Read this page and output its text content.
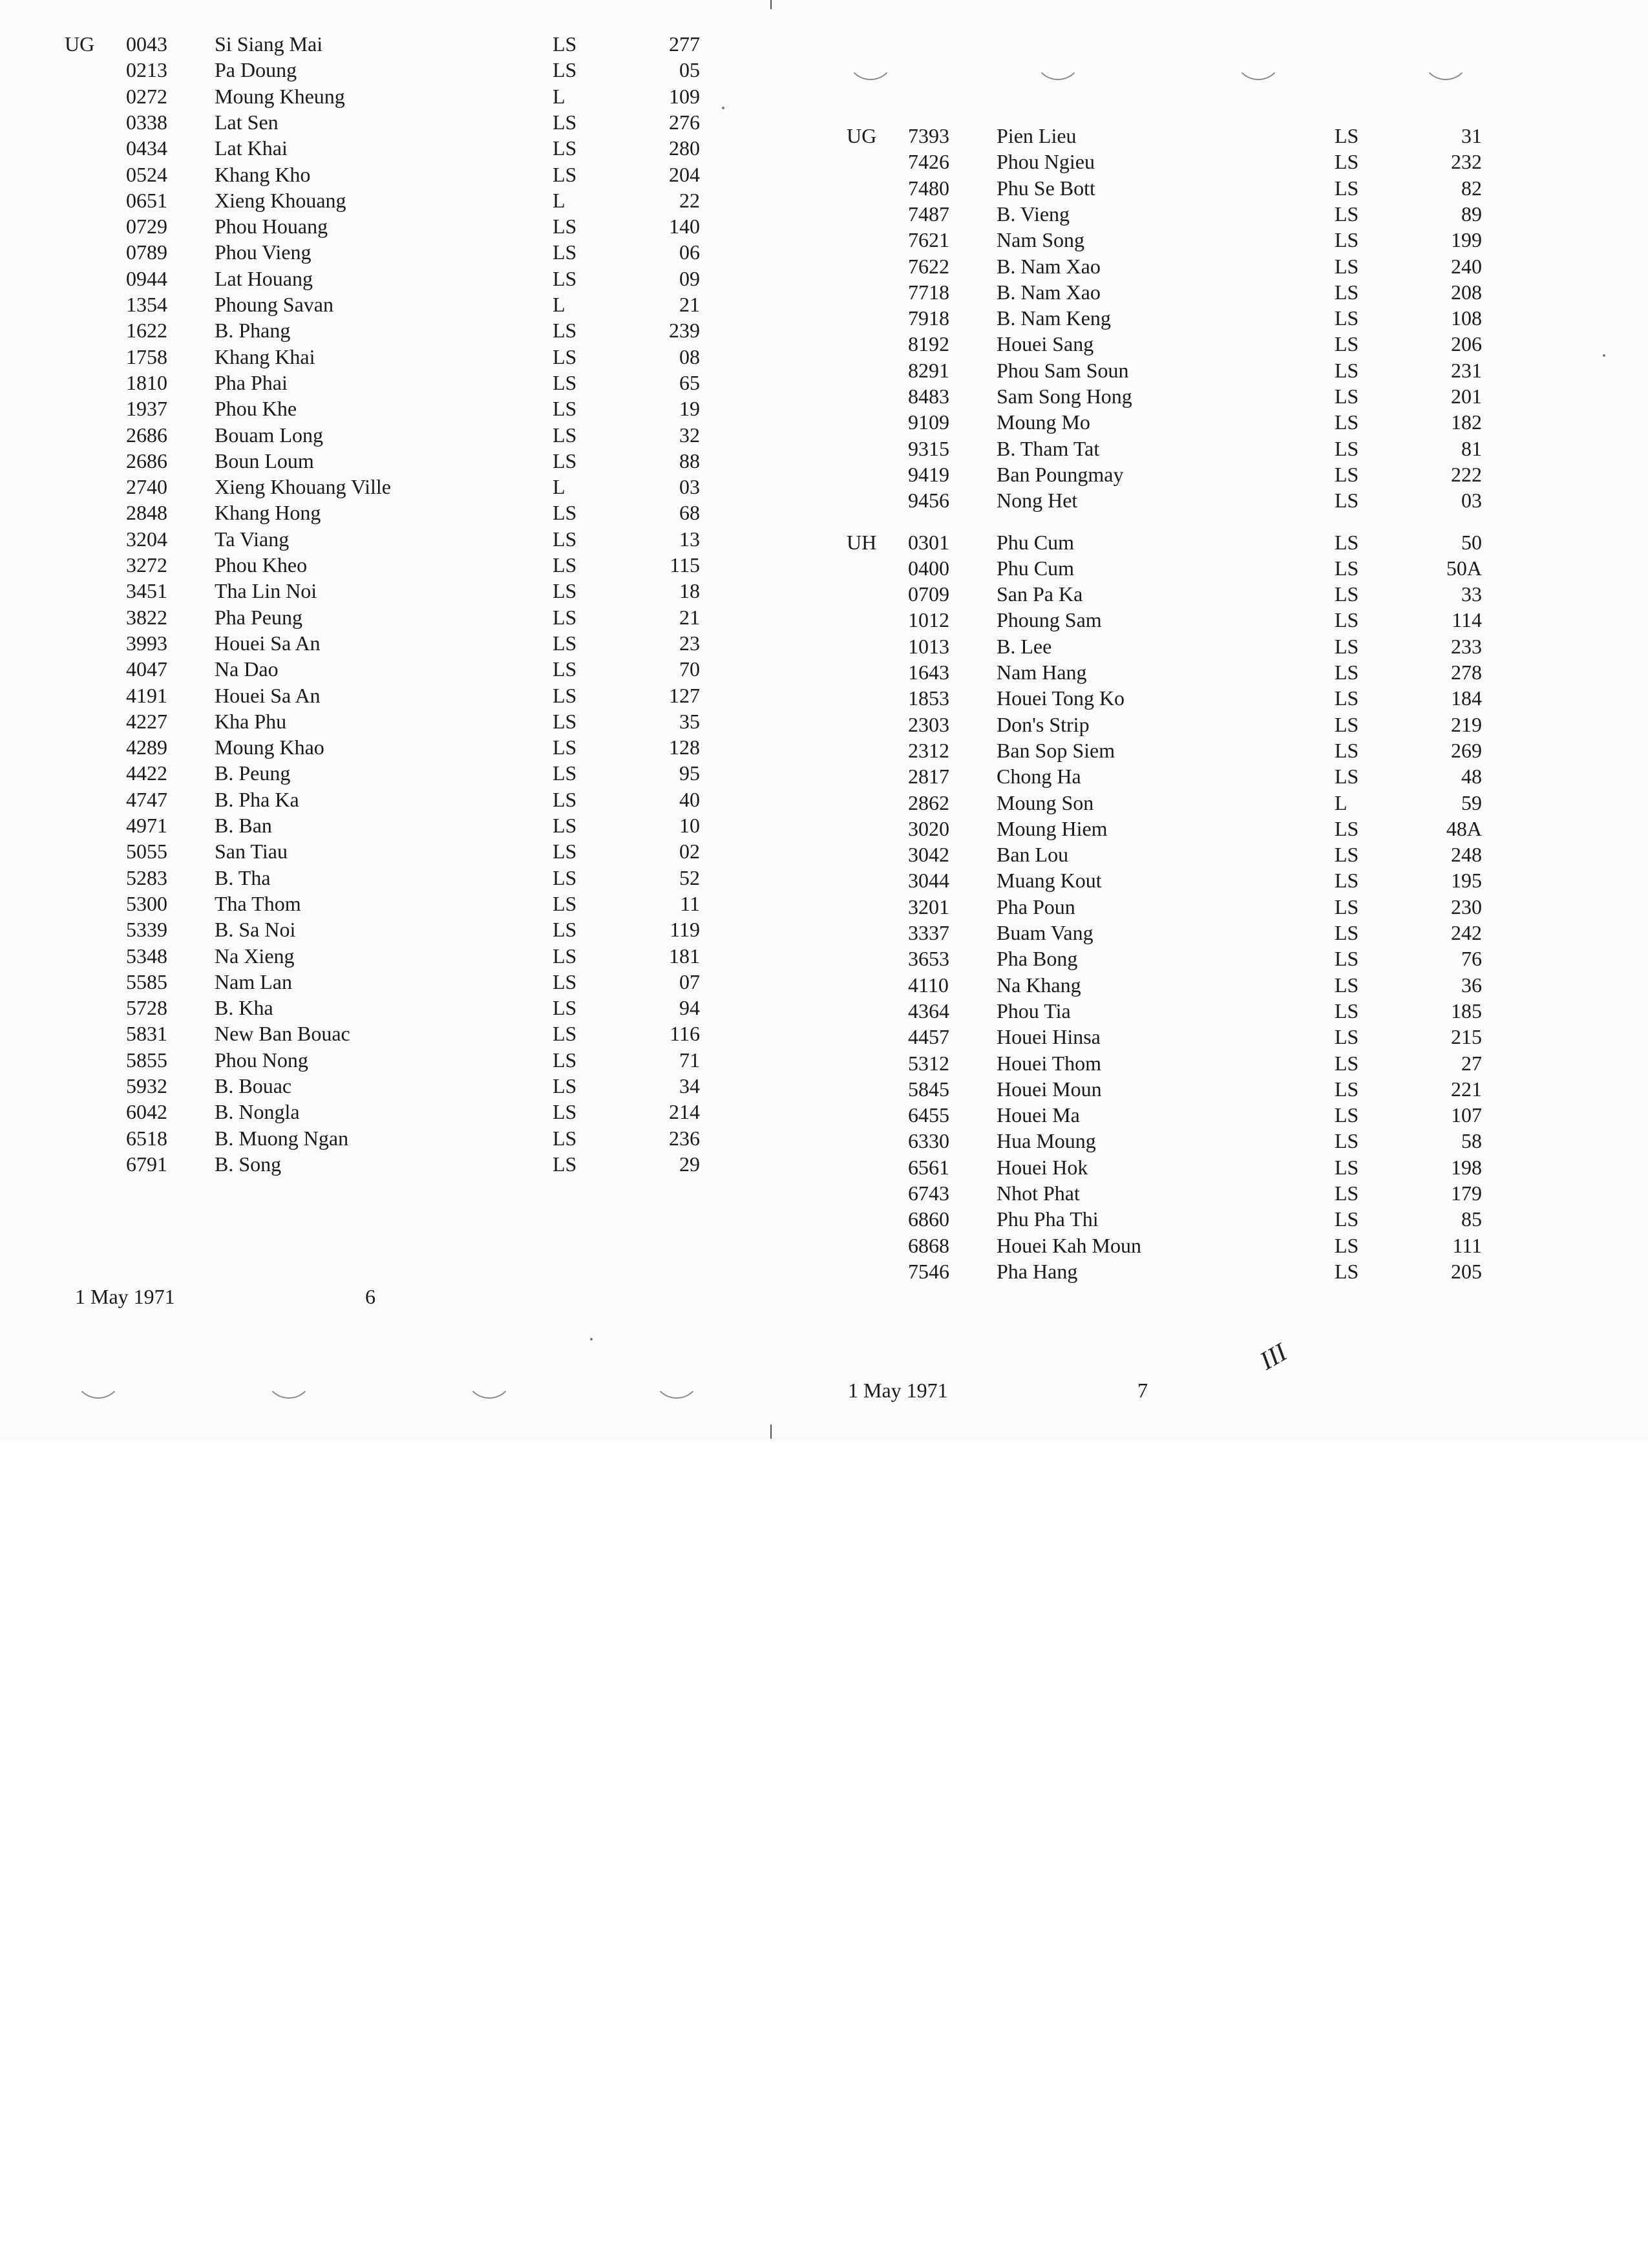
UG 0043 Si Siang Mai	LS	277
0213 Pa Doung	LS	05
0272 Moung Kheung	L	109
0338 Lat Sen	LS	276
0434 Lat Khai	LS	280
0524 Khang Kho	LS	204
0651 Xieng Khouang	L	22
0729 Phou Houang	LS	140
0789 Phou Vieng	LS	06
0944 Lat Houang	LS	09
1354 Phoung Savan	L	21
1622 B. Phang	LS	239
1758 Khang Khai	LS	08
1810 Pha Phai	LS	65
1937 Phou Khe	LS	19
2686 Bouam Long	LS	32
2686 Boun Loum	LS	88
2740 Xieng Khouang Ville	L	03
2848 Khang Hong	LS	68
3204 Ta Viang	LS	13
3272 Phou Kheo	LS	115
3451 Tha Lin Noi	LS	18
3822 Pha Peung	LS	21
3993 Houei Sa An	LS	23
4047 Na Dao	LS	70
4191 Houei Sa An	LS	127
4227 Kha Phu	LS	35
4289 Moung Khao	LS	128
4422 B. Peung	LS	95
4747 B. Pha Ka	LS	40
4971 B. Ban	LS	10
5055 San Tiau	LS	02
5283 B. Tha	LS	52
5300 Tha Thom	LS	11
5339 B. Sa Noi	LS	119
5348 Na Xieng	LS	181
5585 Nam Lan	LS	07
5728 B. Kha	LS	94
5831 New Ban Bouac	LS	116
5855 Phou Nong	LS	71
5932 B. Bouac	LS	34
6042 B. Nongla	LS	214
6518 B. Muong Ngan	LS	236
6791 B. Song	LS	29
1 May 1971	6
UG 7393 Pien Lieu	LS	31
7426 Phou Ngieu	LS	232
7480 Phu Se Bott	LS	82
7487 B. Vieng	LS	89
7621 Nam Song	LS	199
7622 B. Nam Xao	LS	240
7718 B. Nam Xao	LS	208
7918 B. Nam Keng	LS	108
8192 Houei Sang	LS	206
8291 Phou Sam Soun	LS	231
8483 Sam Song Hong	LS	201
9109 Moung Mo	LS	182
9315 B. Tham Tat	LS	81
9419 Ban Poungmay	LS	222
9456 Nong Het	LS	03
UH 0301 Phu Cum	LS	50
0400 Phu Cum	LS	50A
0709 San Pa Ka	LS	33
1012 Phoung Sam	LS	114
1013 B. Lee	LS	233
1643 Nam Hang	LS	278
1853 Houei Tong Ko	LS	184
2303 Don's Strip	LS	219
2312 Ban Sop Siem	LS	269
2817 Chong Ha	LS	48
2862 Moung Son	L	59
3020 Moung Hiem	LS	48A
3042 Ban Lou	LS	248
3044 Muang Kout	LS	195
3201 Pha Poun	LS	230
3337 Buam Vang	LS	242
3653 Pha Bong	LS	76
4110 Na Khang	LS	36
4364 Phou Tia	LS	185
4457 Houei Hinsa	LS	215
5312 Houei Thom	LS	27
5845 Houei Moun	LS	221
6455 Houei Ma	LS	107
6330 Hua Moung	LS	58
6561 Houei Hok	LS	198
6743 Nhot Phat	LS	179
6860 Phu Pha Thi	LS	85
6868 Houei Kah Moun	LS	111
7546 Pha Hang	LS	205
1 May 1971	7
III
